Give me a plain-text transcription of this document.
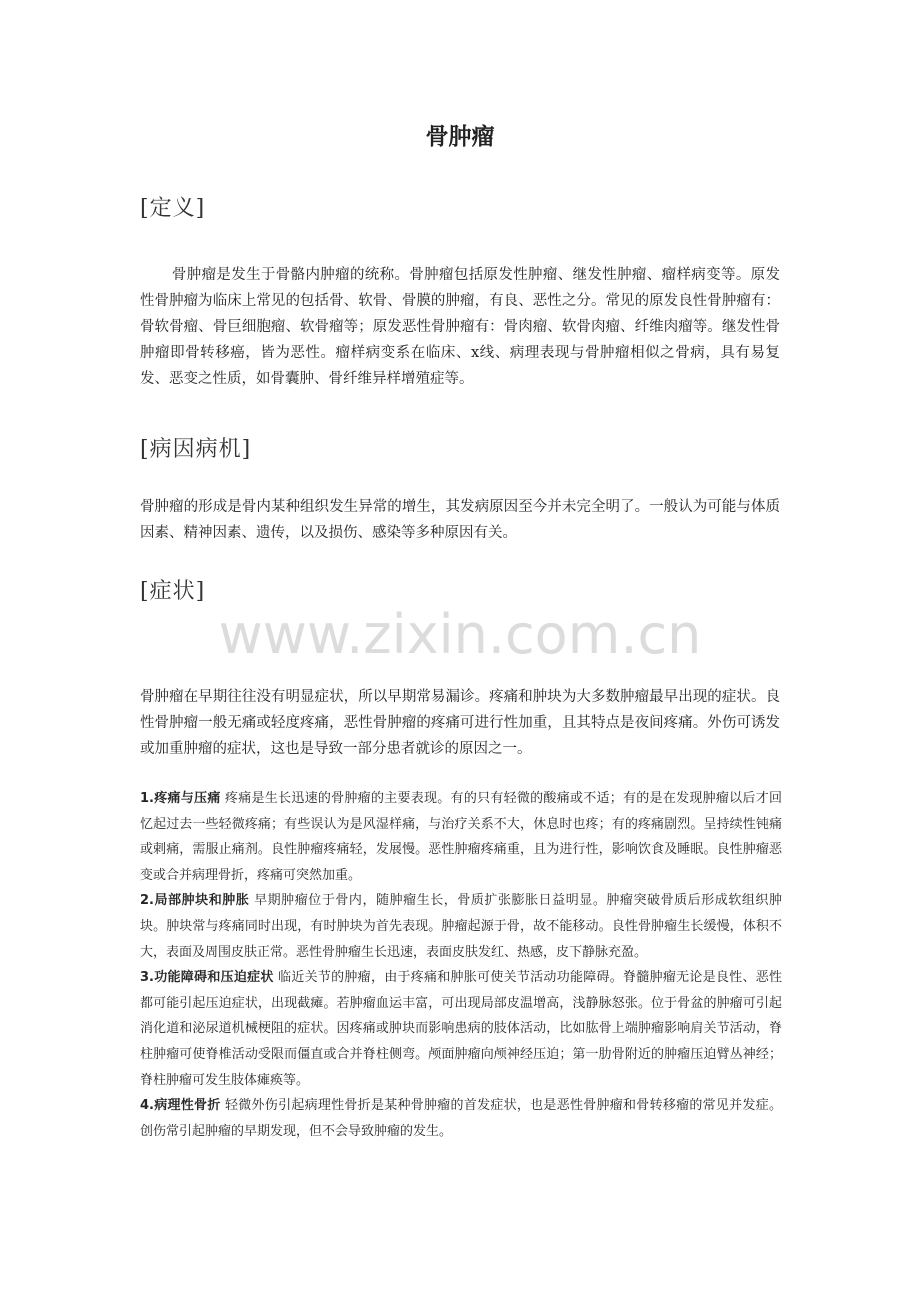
骨肿瘤
[定义]

骨肿瘤是发生于骨骼内肿瘤的统称。骨肿瘤包括原发性肿瘤、继发性肿瘤、瘤样病变等。原发性骨肿瘤为临床上常见的包括骨、软骨、骨膜的肿瘤，有良、恶性之分。常见的原发良性骨肿瘤有：骨软骨瘤、骨巨细胞瘤、软骨瘤等；原发恶性骨肿瘤有：骨肉瘤、软骨肉瘤、纤维肉瘤等。继发性骨肿瘤即骨转移癌，皆为恶性。瘤样病变系在临床、x线、病理表现与骨肿瘤相似之骨病，具有易复发、恶变之性质，如骨囊肿、骨纤维异样增殖症等。

[病因病机]

骨肿瘤的形成是骨内某种组织发生异常的增生，其发病原因至今并未完全明了。一般认为可能与体质因素、精神因素、遗传，以及损伤、感染等多种原因有关。

[症状]
www.zixin.com.cn

骨肿瘤在早期往往没有明显症状，所以早期常易漏诊。疼痛和肿块为大多数肿瘤最早出现的症状。良性骨肿瘤一般无痛或轻度疼痛，恶性骨肿瘤的疼痛可进行性加重，且其特点是夜间疼痛。外伤可诱发或加重肿瘤的症状，这也是导致一部分患者就诊的原因之一。

1.疼痛与压痛 疼痛是生长迅速的骨肿瘤的主要表现。有的只有轻微的酸痛或不适；有的是在发现肿瘤以后才回忆起过去一些轻微疼痛；有些误认为是风湿样痛，与治疗关系不大，休息时也疼；有的疼痛剧烈。呈持续性钝痛或剌痛，需服止痛剂。良性肿瘤疼痛轻，发展慢。恶性肿瘤疼痛重，且为进行性，影响饮食及睡眠。良性肿瘤恶变或合并病理骨折，疼痛可突然加重。

2.局部肿块和肿胀 早期肿瘤位于骨内，随肿瘤生长，骨质扩张膨胀日益明显。肿瘤突破骨质后形成软组织肿块。肿块常与疼痛同时出现，有时肿块为首先表现。肿瘤起源于骨，故不能移动。良性骨肿瘤生长缓慢，体积不大，表面及周围皮肤正常。恶性骨肿瘤生长迅速，表面皮肤发红、热感，皮下静脉充盈。

3.功能障碍和压迫症状 临近关节的肿瘤，由于疼痛和肿胀可使关节活动功能障碍。脊髓肿瘤无论是良性、恶性都可能引起压迫症状，出现截瘫。若肿瘤血运丰富，可出现局部皮温增高，浅静脉怒张。位于骨盆的肿瘤可引起消化道和泌尿道机械梗阻的症状。因疼痛或肿块而影响患病的肢体活动，比如肱骨上端肿瘤影响肩关节活动，脊柱肿瘤可使脊椎活动受限而僵直或合并脊柱侧弯。颅面肿瘤向颅神经压迫；第一肋骨附近的肿瘤压迫臂丛神经；脊柱肿瘤可发生肢体瘫痪等。

4.病理性骨折 轻微外伤引起病理性骨折是某种骨肿瘤的首发症状，也是恶性骨肿瘤和骨转移瘤的常见并发症。创伤常引起肿瘤的早期发现，但不会导致肿瘤的发生。
